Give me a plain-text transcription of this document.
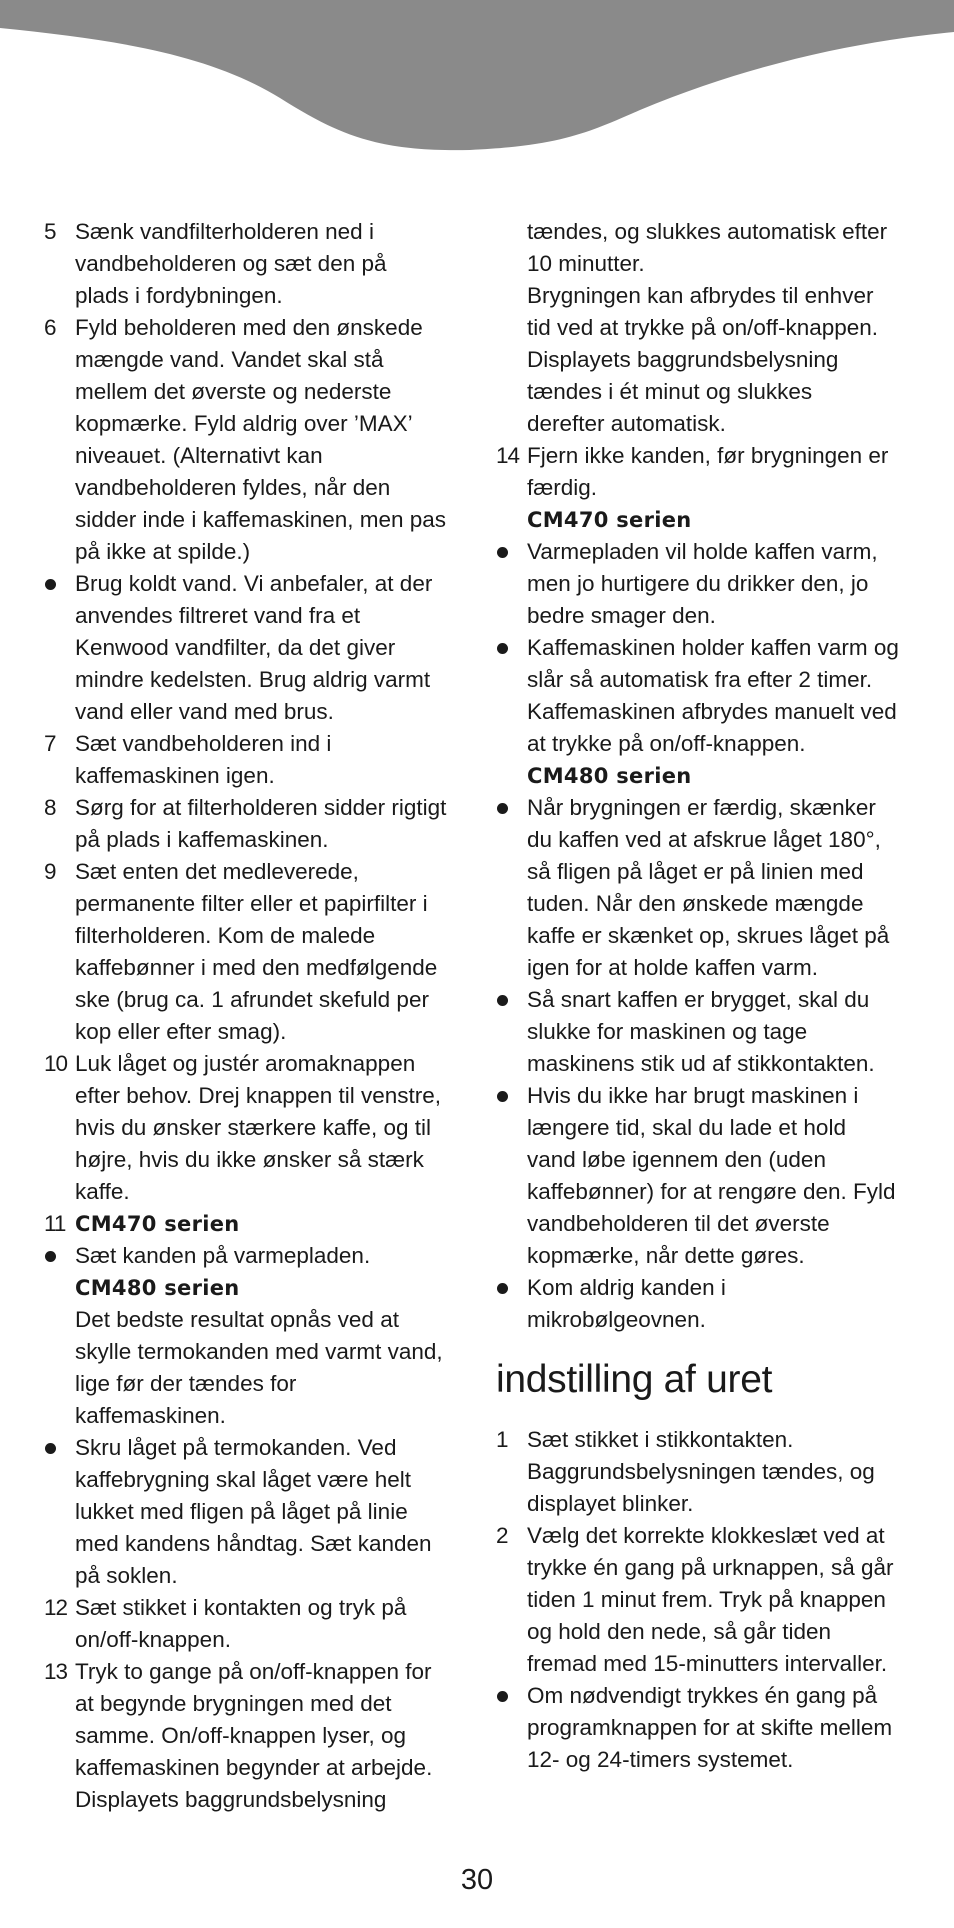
5 Sænk vandfilterholderen ned i
vandbeholderen og sæt den på
plads i fordybningen.
6 Fyld beholderen med den ønskede
mængde vand. Vandet skal stå
mellem det øverste og nederste
kopmærke. Fyld aldrig over ’MAX’
niveauet. (Alternativt kan
vandbeholderen fyldes, når den
sidder inde i kaffemaskinen, men pas
på ikke at spilde.)
Brug koldt vand. Vi anbefaler, at der
anvendes filtreret vand fra et
Kenwood vandfilter, da det giver
mindre kedelsten. Brug aldrig varmt
vand eller vand med brus.
7 Sæt vandbeholderen ind i
kaffemaskinen igen.
8 Sørg for at filterholderen sidder rigtigt
på plads i kaffemaskinen.
9 Sæt enten det medleverede,
permanente filter eller et papirfilter i
filterholderen. Kom de malede
kaffebønner i med den medfølgende
ske (brug ca. 1 afrundet skefuld per
kop eller efter smag).
10 Luk låget og justér aromaknappen
efter behov. Drej knappen til venstre,
hvis du ønsker stærkere kaffe, og til
højre, hvis du ikke ønsker så stærk
kaffe.
11 CM470 serien
Sæt kanden på varmepladen.
CM480 serien
Det bedste resultat opnås ved at
skylle termokanden med varmt vand,
lige før der tændes for
kaffemaskinen.
Skru låget på termokanden. Ved
kaffebrygning skal låget være helt
lukket med fligen på låget på linie
med kandens håndtag. Sæt kanden
på soklen.
12 Sæt stikket i kontakten og tryk på
on/off-knappen.
13 Tryk to gange på on/off-knappen for
at begynde brygningen med det
samme. On/off-knappen lyser, og
kaffemaskinen begynder at arbejde.
Displayets baggrundsbelysning
tændes, og slukkes automatisk efter
10 minutter.
Brygningen kan afbrydes til enhver
tid ved at trykke på on/off-knappen.
Displayets baggrundsbelysning
tændes i ét minut og slukkes
derefter automatisk.
14 Fjern ikke kanden, før brygningen er
færdig.
CM470 serien
Varmepladen vil holde kaffen varm,
men jo hurtigere du drikker den, jo
bedre smager den.
Kaffemaskinen holder kaffen varm og
slår så automatisk fra efter 2 timer.
Kaffemaskinen afbrydes manuelt ved
at trykke på on/off-knappen.
CM480 serien
Når brygningen er færdig, skænker
du kaffen ved at afskrue låget 180°,
så fligen på låget er på linien med
tuden. Når den ønskede mængde
kaffe er skænket op, skrues låget på
igen for at holde kaffen varm.
Så snart kaffen er brygget, skal du
slukke for maskinen og tage
maskinens stik ud af stikkontakten.
Hvis du ikke har brugt maskinen i
længere tid, skal du lade et hold
vand løbe igennem den (uden
kaffebønner) for at rengøre den. Fyld
vandbeholderen til det øverste
kopmærke, når dette gøres.
Kom aldrig kanden i
mikrobølgeovnen.
indstilling af uret
1 Sæt stikket i stikkontakten.
Baggrundsbelysningen tændes, og
displayet blinker.
2 Vælg det korrekte klokkeslæt ved at
trykke én gang på urknappen, så går
tiden 1 minut frem. Tryk på knappen
og hold den nede, så går tiden
fremad med 15-minutters intervaller.
Om nødvendigt trykkes én gang på
programknappen for at skifte mellem
12- og 24-timers systemet.
30
